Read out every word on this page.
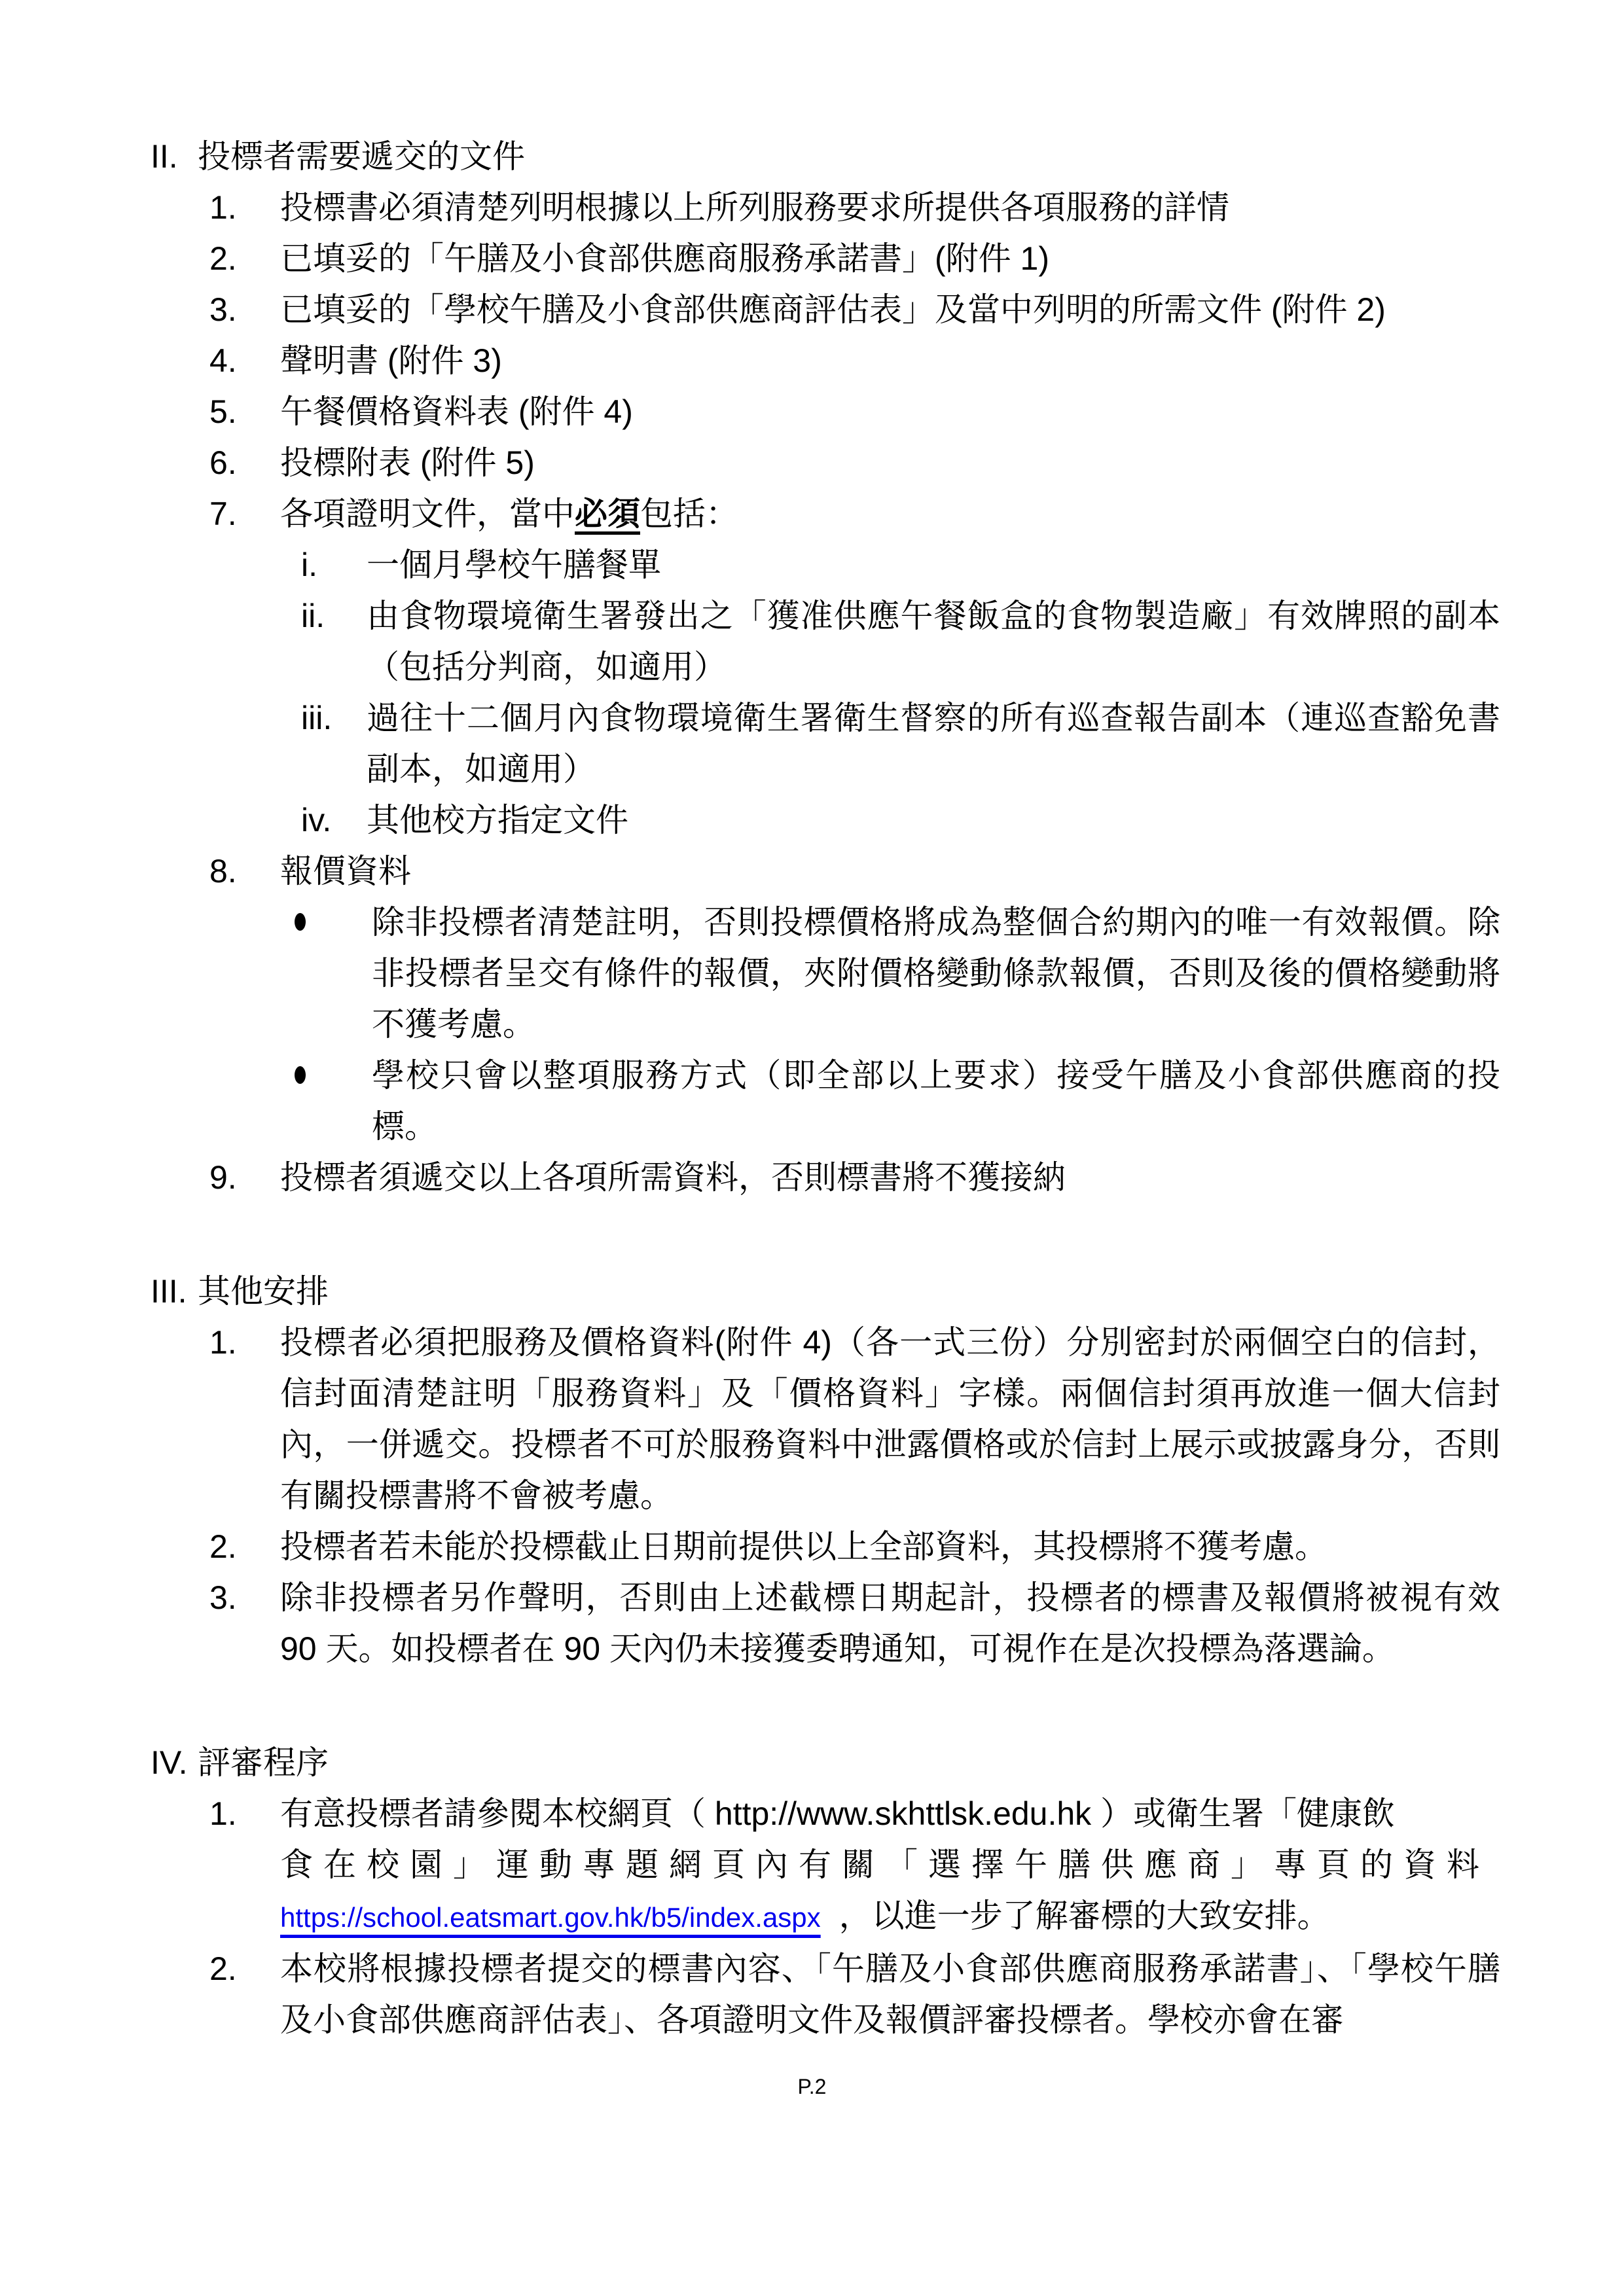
II. 投標者需要遞交的文件
1.	投標書必須清楚列明根據以上所列服務要求所提供各項服務的詳情
2.	已填妥的「午膳及小食部供應商服務承諾書」(附件 1)
3.	已填妥的「學校午膳及小食部供應商評估表」及當中列明的所需文件 (附件 2)
4.	聲明書 (附件 3)
5.	午餐價格資料表 (附件 4)
6.	投標附表 (附件 5)
7.	各項證明文件，當中必須包括：
i.	一個月學校午膳餐單
ii.	由食物環境衛生署發出之「獲准供應午餐飯盒的食物製造廠」有效牌照的副本（包括分判商，如適用）
iii.	過往十二個月內食物環境衛生署衛生督察的所有巡查報告副本（連巡查豁免書副本，如適用）
iv.	其他校方指定文件
8.	報價資料
除非投標者清楚註明，否則投標價格將成為整個合約期內的唯一有效報價。除非投標者呈交有條件的報價，夾附價格變動條款報價，否則及後的價格變動將不獲考慮。
學校只會以整項服務方式（即全部以上要求）接受午膳及小食部供應商的投標。
9.	投標者須遞交以上各項所需資料，否則標書將不獲接納
III. 其他安排
1.	投標者必須把服務及價格資料(附件 4)（各一式三份）分別密封於兩個空白的信封，信封面清楚註明「服務資料」及「價格資料」字樣。兩個信封須再放進一個大信封內，一併遞交。投標者不可於服務資料中泄露價格或於信封上展示或披露身分，否則有關投標書將不會被考慮。
2.	投標者若未能於投標截止日期前提供以上全部資料，其投標將不獲考慮。
3.	除非投標者另作聲明，否則由上述截標日期起計，投標者的標書及報價將被視有效 90 天。如投標者在 90 天內仍未接獲委聘通知，可視作在是次投標為落選論。
IV. 評審程序
1.	有意投標者請參閱本校網頁（ http://www.skhttlsk.edu.hk ）或衛生署「健康飲
食在校園」運動專題網頁內有關「選擇午膳供應商」專頁的資料
https://school.eatsmart.gov.hk/b5/index.aspx ，以進一步了解審標的大致安排。
2.	本校將根據投標者提交的標書內容、「午膳及小食部供應商服務承諾書」、「學校午膳及小食部供應商評估表」、各項證明文件及報價評審投標者。學校亦會在審
P.2
